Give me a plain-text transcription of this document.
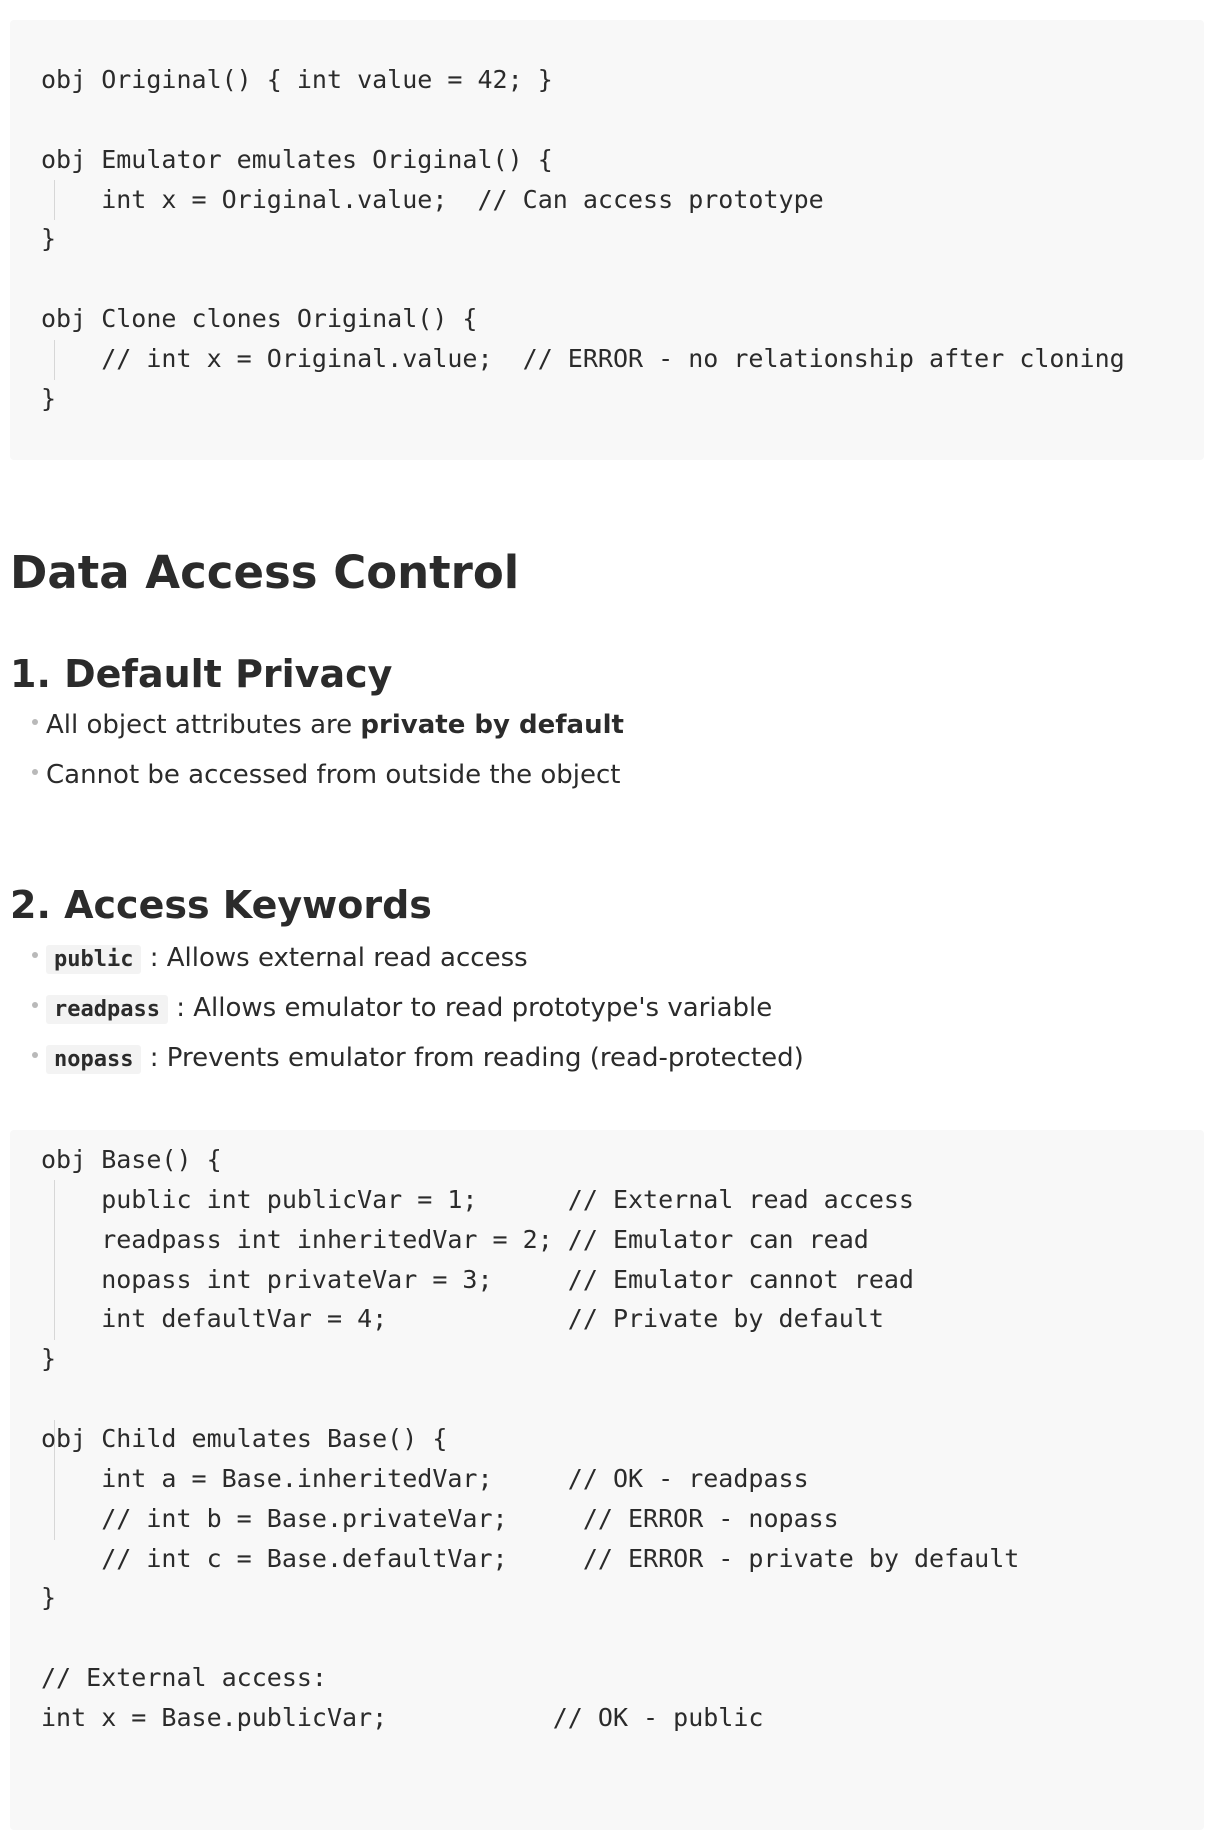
obj Original() { int value = 42; }
obj Emulator emulates Original() {
int x = Original.value;  // Can access prototype
}
obj Clone clones Original() {
// int x = Original.value;  // ERROR - no relationship after cloning
}
Data Access Control
1. Default Privacy
All object attributes are private by default
Cannot be accessed from outside the object
2. Access Keywords
public : Allows external read access
readpass : Allows emulator to read prototype's variable
nopass : Prevents emulator from reading (read-protected)
obj Base() {
public int publicVar = 1;      // External read access
readpass int inheritedVar = 2; // Emulator can read
nopass int privateVar = 3;     // Emulator cannot read
int defaultVar = 4;            // Private by default
}
obj Child emulates Base() {
int a = Base.inheritedVar;     // OK - readpass
// int b = Base.privateVar;     // ERROR - nopass
// int c = Base.defaultVar;     // ERROR - private by default
}
// External access:
int x = Base.publicVar;           // OK - public
